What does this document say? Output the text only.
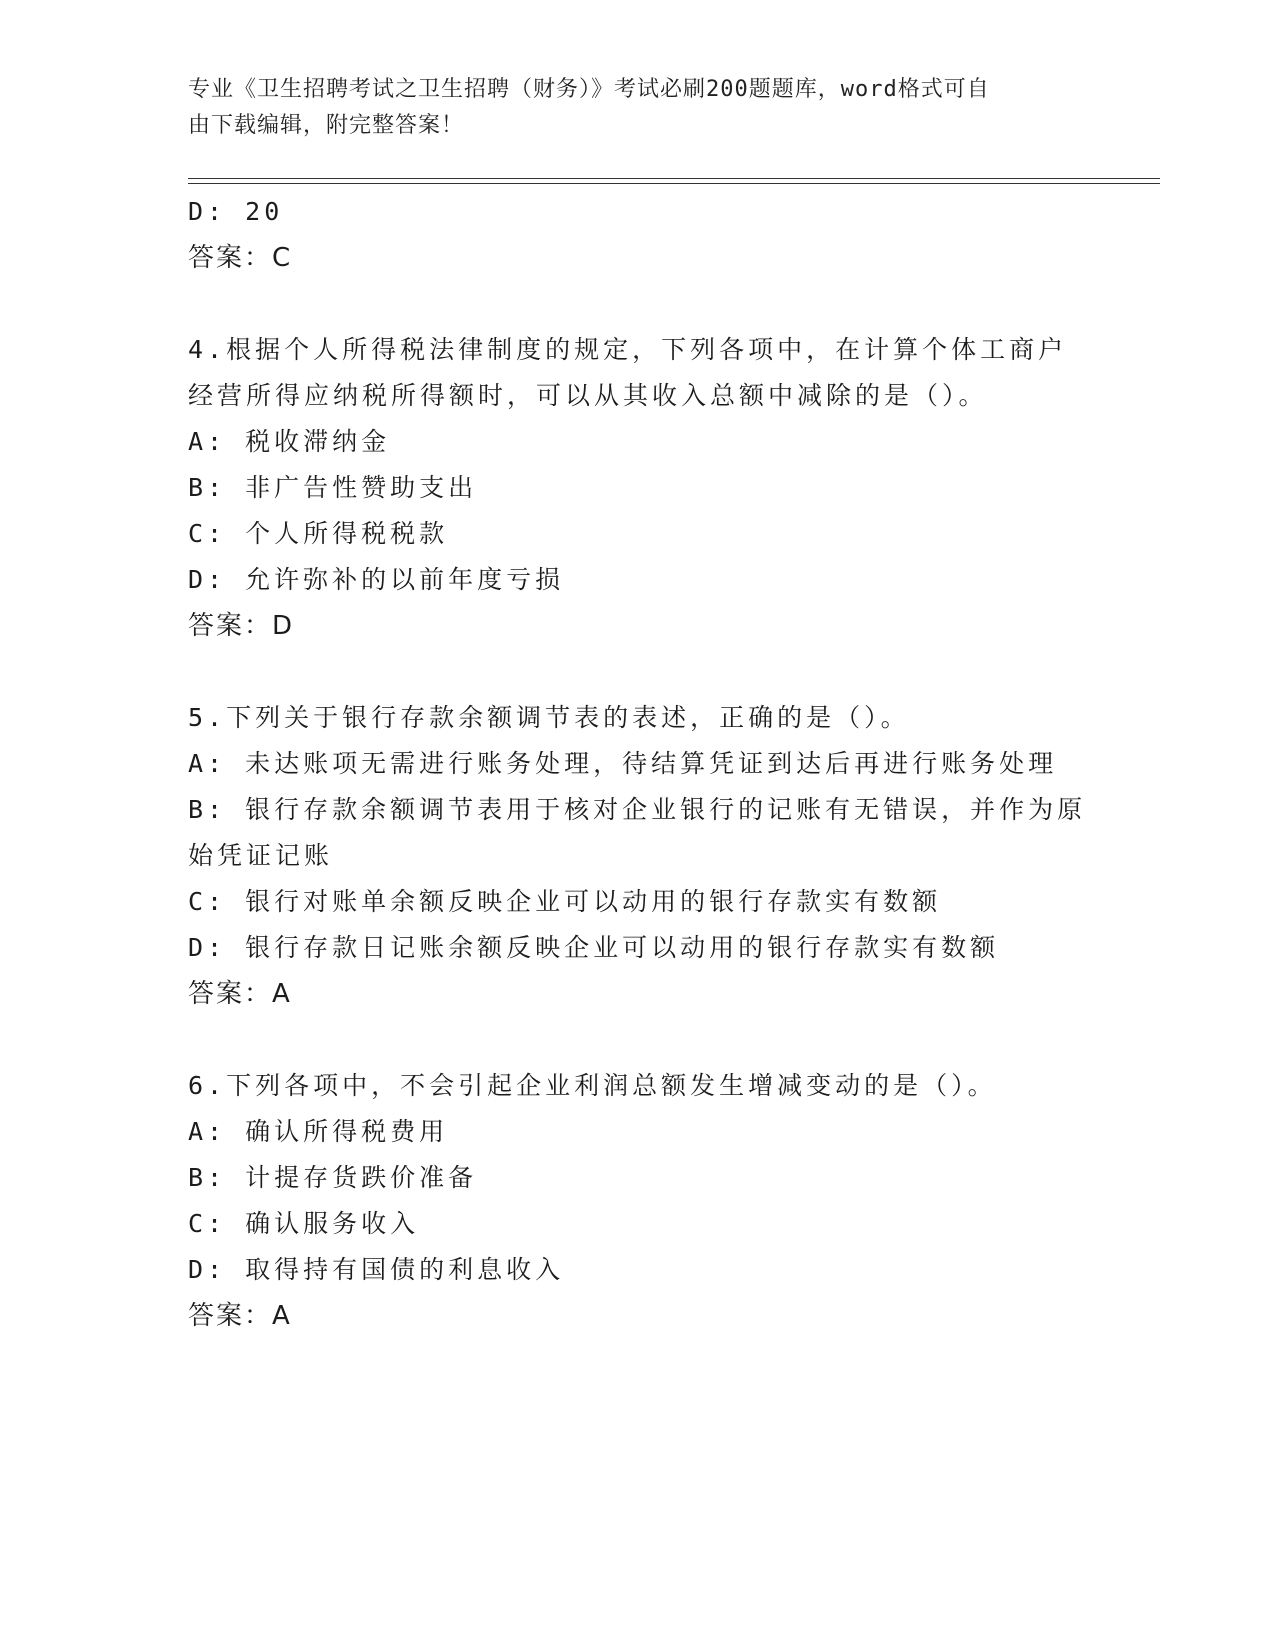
专业《卫生招聘考试之卫生招聘（财务）》考试必刷200题题库，word格式可自
由下载编辑，附完整答案！
D: 20
答案：C
4.根据个人所得税法律制度的规定，下列各项中，在计算个体工商户
经营所得应纳税所得额时，可以从其收入总额中减除的是（）。
A: 税收滞纳金
B: 非广告性赞助支出
C: 个人所得税税款
D: 允许弥补的以前年度亏损
答案：D
5.下列关于银行存款余额调节表的表述，正确的是（）。
A: 未达账项无需进行账务处理，待结算凭证到达后再进行账务处理
B: 银行存款余额调节表用于核对企业银行的记账有无错误，并作为原
始凭证记账
C: 银行对账单余额反映企业可以动用的银行存款实有数额
D: 银行存款日记账余额反映企业可以动用的银行存款实有数额
答案：A
6.下列各项中，不会引起企业利润总额发生增减变动的是（）。
A: 确认所得税费用
B: 计提存货跌价准备
C: 确认服务收入
D: 取得持有国债的利息收入
答案：A
